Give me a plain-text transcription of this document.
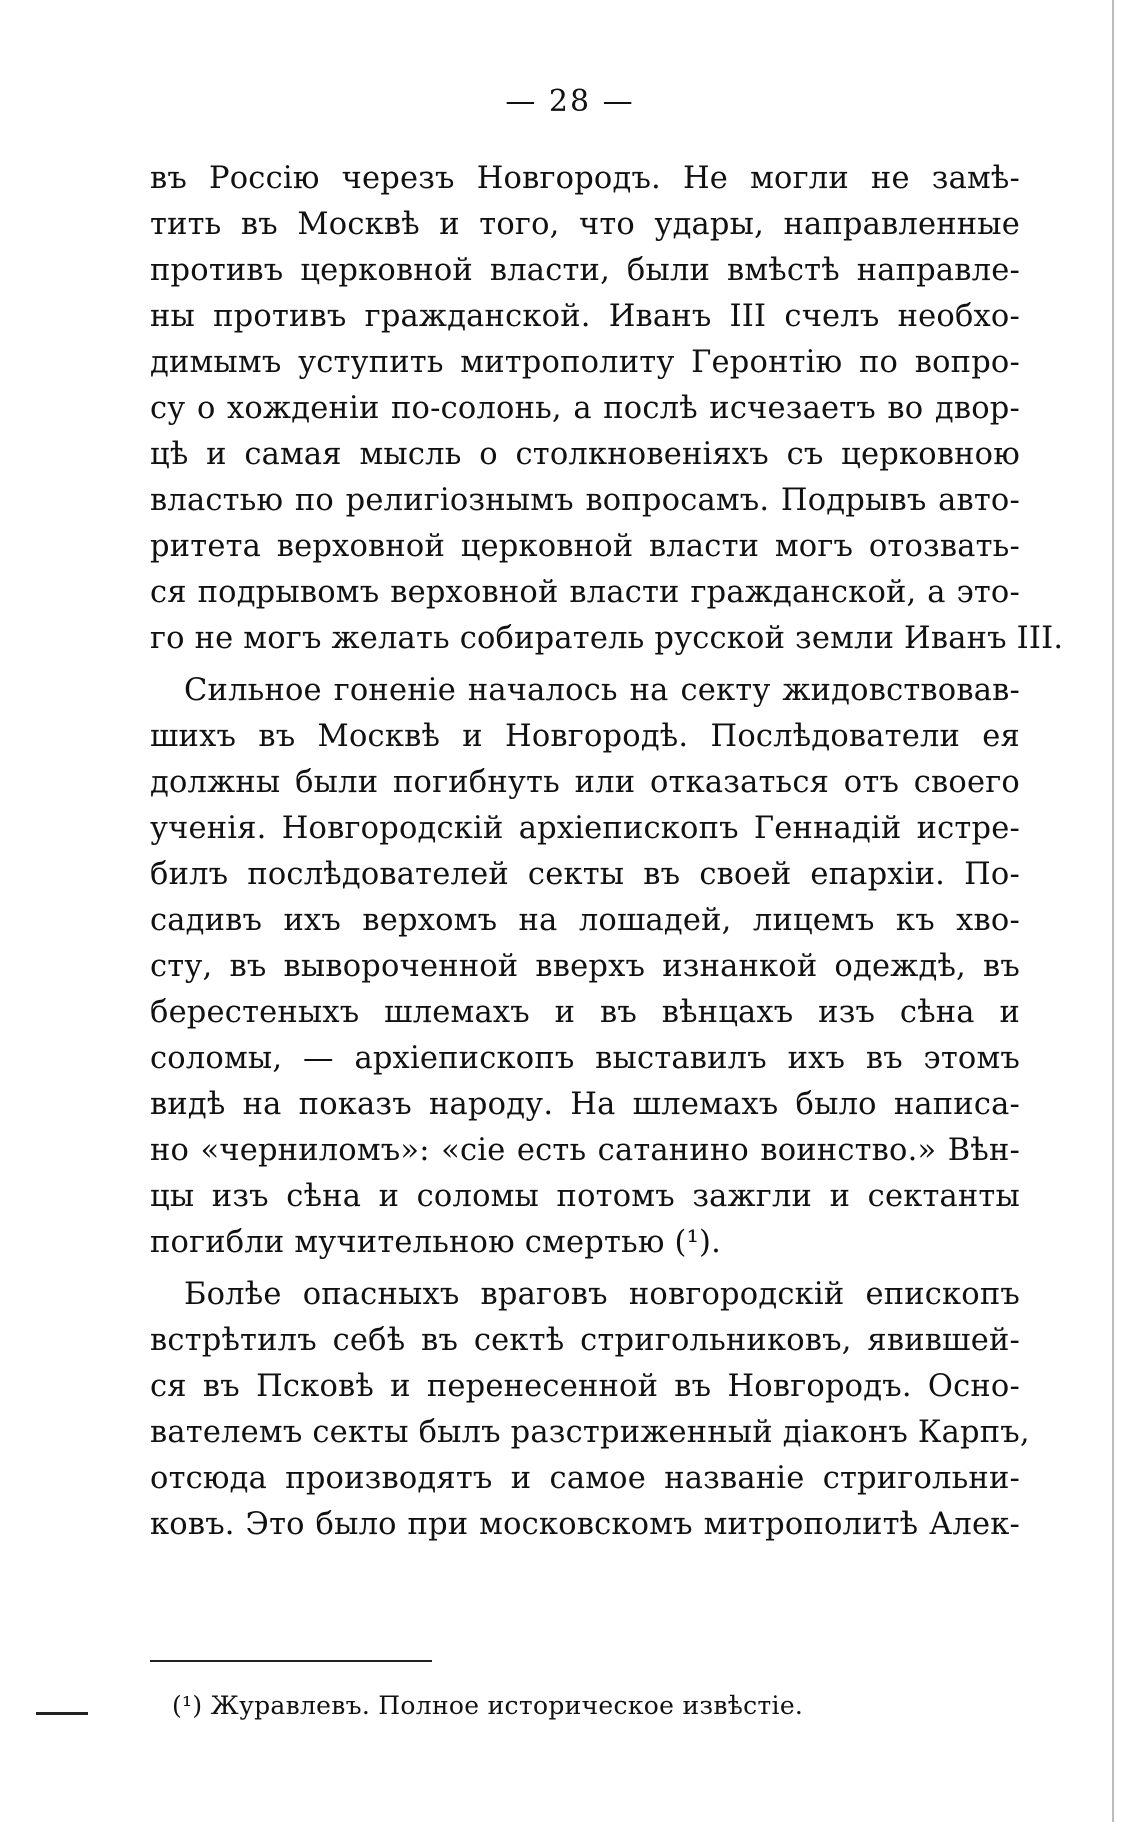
— 28 —
въ Россію черезъ Новгородъ. Не могли не замѣ-
тить въ Москвѣ и того, что удары, направленные
противъ церковной власти, были вмѣстѣ направле-
ны противъ гражданской. Иванъ III счелъ необхо-
димымъ уступить митрополиту Геронтію по вопро-
су о хожденіи по-солонь, а послѣ исчезаетъ во двор-
цѣ и самая мысль о столкновеніяхъ съ церковною
властью по религіознымъ вопросамъ. Подрывъ авто-
ритета верховной церковной власти могъ отозвать-
ся подрывомъ верховной власти гражданской, а это-
го не могъ желать собиратель русской земли Иванъ III.
Сильное гоненіе началось на секту жидовствовав-
шихъ въ Москвѣ и Новгородѣ. Послѣдователи ея
должны были погибнуть или отказаться отъ своего
ученія. Новгородскій архіепископъ Геннадій истре-
билъ послѣдователей секты въ своей епархіи. По-
садивъ ихъ верхомъ на лошадей, лицемъ къ хво-
сту, въ вывороченной вверхъ изнанкой одеждѣ, въ
берестеныхъ шлемахъ и въ вѣнцахъ изъ сѣна и
соломы, — архіепископъ выставилъ ихъ въ этомъ
видѣ на показъ народу. На шлемахъ было написа-
но «черниломъ»: «сіе есть сатанино воинство.» Вѣн-
цы изъ сѣна и соломы потомъ зажгли и сектанты
погибли мучительною смертью (¹).
Болѣе опасныхъ враговъ новгородскій епископъ
встрѣтилъ себѣ въ сектѣ стригольниковъ, явившей-
ся въ Псковѣ и перенесенной въ Новгородъ. Осно-
вателемъ секты былъ разстриженный діаконъ Карпъ,
отсюда производятъ и самое названіе стригольни-
ковъ. Это было при московскомъ митрополитѣ Алек-
(¹) Журавлевъ. Полное историческое извѣстіе.
